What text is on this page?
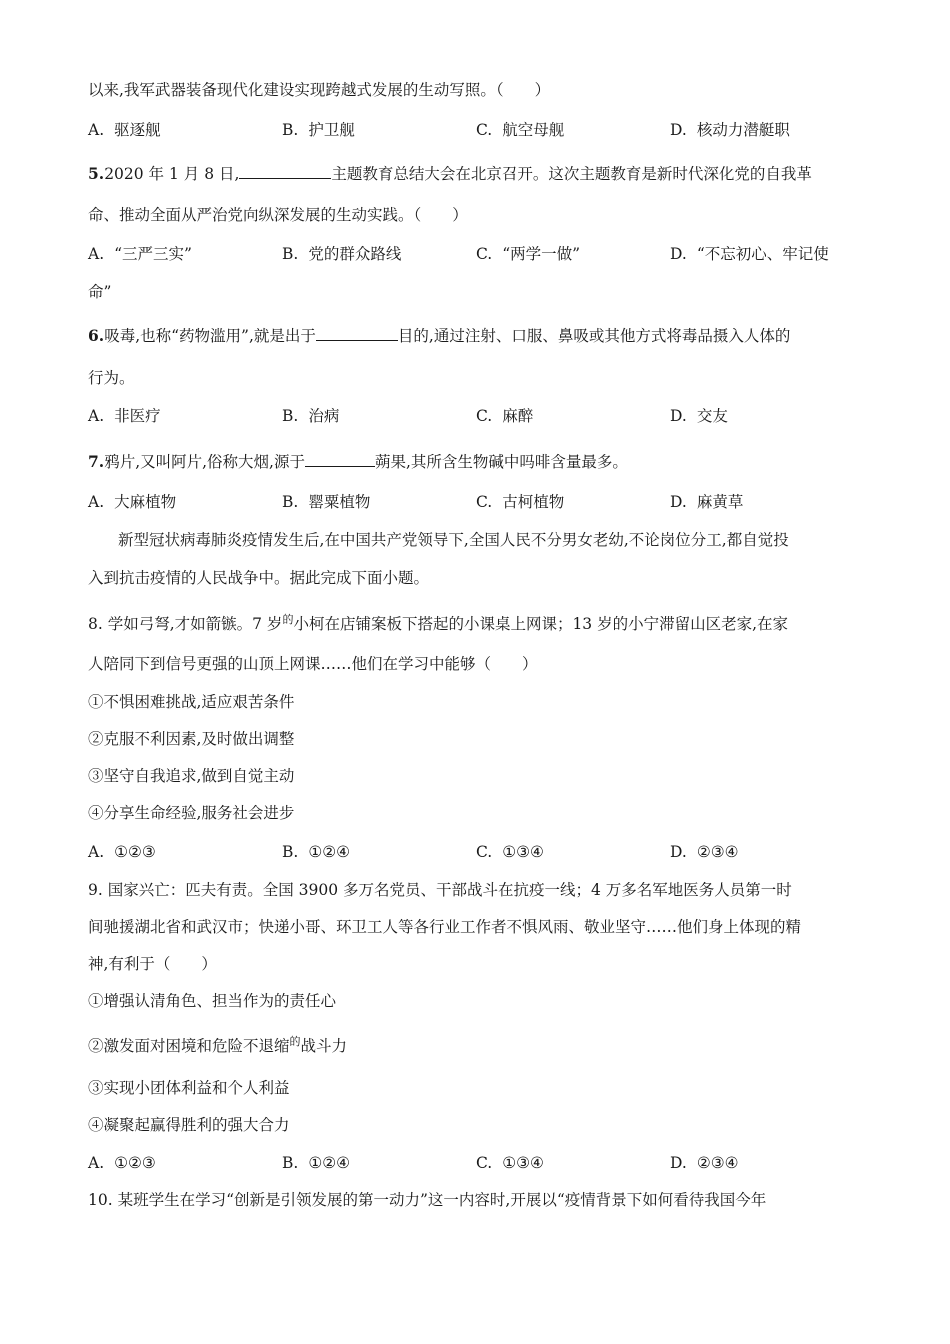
以来,我军武器装备现代化建设实现跨越式发展的生动写照。（　　）
A. 驱逐舰	B. 护卫舰	C. 航空母舰	D. 核动力潜艇职
5.2020 年 1 月 8 日,	主题教育总结大会在北京召开。这次主题教育是新时代深化党的自我革
命、推动全面从严治党向纵深发展的生动实践。（　　）
A. “三严三实”	B. 党的群众路线	C. “两学一做”	D. “不忘初心、牢记使
命”
6.吸毒,也称“药物滥用”,就是出于	目的,通过注射、口服、鼻吸或其他方式将毒品摄入人体的
行为。
A. 非医疗	B. 治病	C. 麻醉	D. 交友
7.鸦片,又叫阿片,俗称大烟,源于	蒴果,其所含生物碱中吗啡含量最多。
A. 大麻植物	B. 罂粟植物	C. 古柯植物	D. 麻黄草
新型冠状病毒肺炎疫情发生后,在中国共产党领导下,全国人民不分男女老幼,不论岗位分工,都自觉投
入到抗击疫情的人民战争中。据此完成下面小题。
8. 学如弓弩,才如箭镞。7 岁$^的$小柯在店铺案板下搭起的小课桌上网课；13 岁的小宁滞留山区老家,在家
人陪同下到信号更强的山顶上网课……他们在学习中能够（　　）
①不惧困难挑战,适应艰苦条件
②克服不利因素,及时做出调整
③坚守自我追求,做到自觉主动
④分享生命经验,服务社会进步
A. ①②③	B. ①②④	C. ①③④	D. ②③④
9. 国家兴亡：匹夫有责。全国 3900 多万名党员、干部战斗在抗疫一线；4 万多名军地医务人员第一时
间驰援湖北省和武汉市；快递小哥、环卫工人等各行业工作者不惧风雨、敬业坚守……他们身上体现的精
神,有利于（　　）
①增强认清角色、担当作为的责任心
②激发面对困境和危险不退缩$^的$战斗力
③实现小团体利益和个人利益
④凝聚起赢得胜利的强大合力
A. ①②③	B. ①②④	C. ①③④	D. ②③④
10. 某班学生在学习“创新是引领发展的第一动力”这一内容时,开展以“疫情背景下如何看待我国今年
